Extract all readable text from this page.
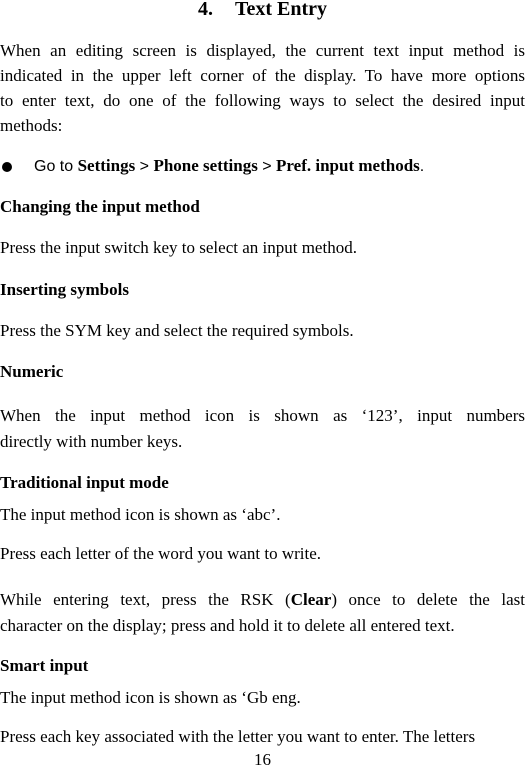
4. Text Entry

When an editing screen is displayed, the current text input method is
indicated in the upper left corner of the display. To have more options
to enter text, do one of the following ways to select the desired input
methods:

Go to Settings > Phone settings > Pref. input methods.

Changing the input method

Press the input switch key to select an input method.

Inserting symbols

Press the SYM key and select the required symbols.

Numeric

When the input method icon is shown as ‘123’, input numbers
directly with number keys.

Traditional input mode

The input method icon is shown as ‘abc’.

Press each letter of the word you want to write.

While entering text, press the RSK (Clear) once to delete the last
character on the display; press and hold it to delete all entered text.

Smart input

The input method icon is shown as ‘Gb eng.

Press each key associated with the letter you want to enter. The letters

16
